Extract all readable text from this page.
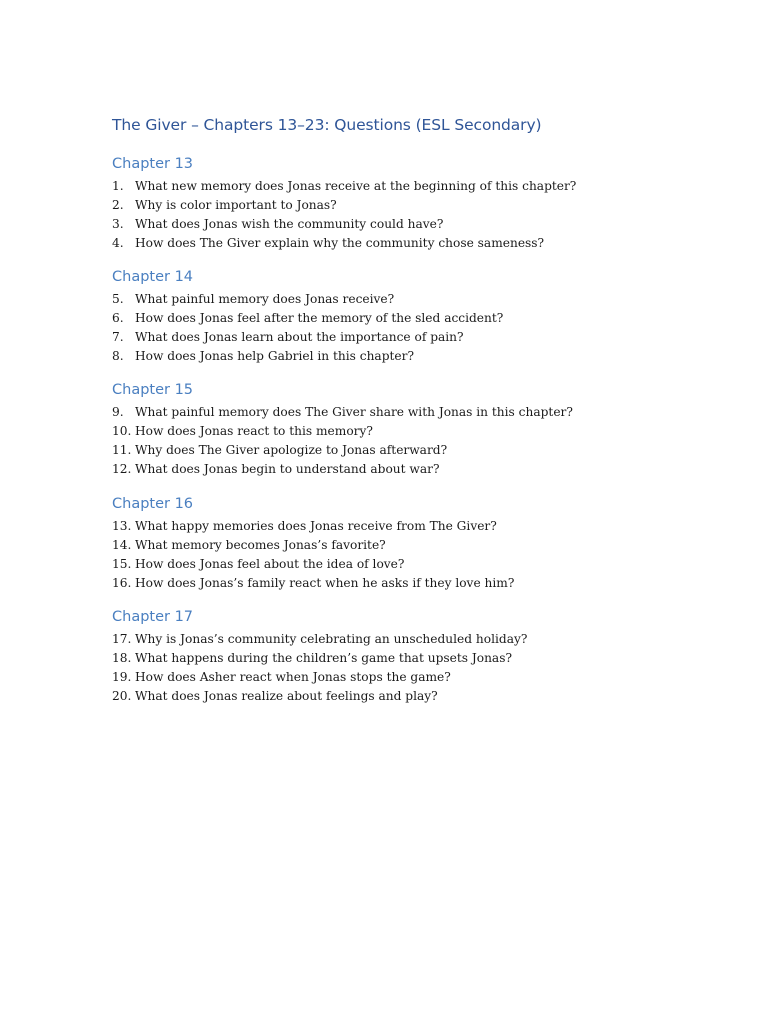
The Giver – Chapters 13–23: Questions (ESL Secondary)
Chapter 13
1. What new memory does Jonas receive at the beginning of this chapter?
2. Why is color important to Jonas?
3. What does Jonas wish the community could have?
4. How does The Giver explain why the community chose sameness?
Chapter 14
5. What painful memory does Jonas receive?
6. How does Jonas feel after the memory of the sled accident?
7. What does Jonas learn about the importance of pain?
8. How does Jonas help Gabriel in this chapter?
Chapter 15
9. What painful memory does The Giver share with Jonas in this chapter?
10. How does Jonas react to this memory?
11. Why does The Giver apologize to Jonas afterward?
12. What does Jonas begin to understand about war?
Chapter 16
13. What happy memories does Jonas receive from The Giver?
14. What memory becomes Jonas’s favorite?
15. How does Jonas feel about the idea of love?
16. How does Jonas’s family react when he asks if they love him?
Chapter 17
17. Why is Jonas’s community celebrating an unscheduled holiday?
18. What happens during the children’s game that upsets Jonas?
19. How does Asher react when Jonas stops the game?
20. What does Jonas realize about feelings and play?
